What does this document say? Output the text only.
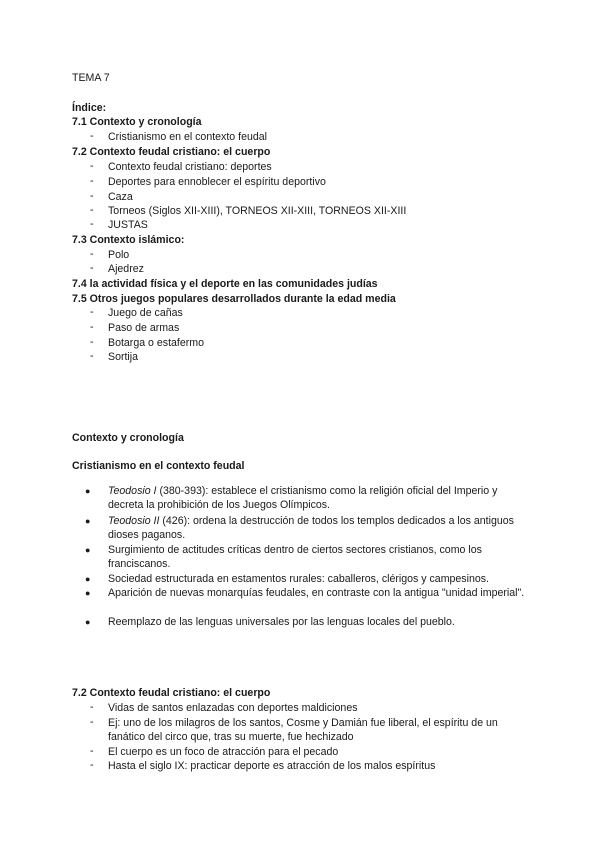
TEMA 7
Índice:
7.1 Contexto y cronología
-	Cristianismo en el contexto feudal
7.2 Contexto feudal cristiano: el cuerpo
-	Contexto feudal cristiano: deportes
-	Deportes para ennoblecer el espíritu deportivo
-	Caza
-	Torneos (Siglos XII-XIII), TORNEOS XII-XIII, TORNEOS XII-XIII
-	JUSTAS
7.3 Contexto islámico:
-	Polo
-	Ajedrez
7.4 la actividad física y el deporte en las comunidades judías
7.5 Otros juegos populares desarrollados durante la edad media
-	Juego de cañas
-	Paso de armas
-	Botarga o estafermo
-	Sortija
Contexto y cronología
Cristianismo en el contexto feudal
● Teodosio I (380-393): establece el cristianismo como la religión oficial del Imperio y decreta la prohibición de los Juegos Olímpicos.
● Teodosio II (426): ordena la destrucción de todos los templos dedicados a los antiguos dioses paganos.
● Surgimiento de actitudes críticas dentro de ciertos sectores cristianos, como los franciscanos.
● Sociedad estructurada en estamentos rurales: caballeros, clérigos y campesinos.
● Aparición de nuevas monarquías feudales, en contraste con la antigua "unidad imperial".
● Reemplazo de las lenguas universales por las lenguas locales del pueblo.
7.2 Contexto feudal cristiano: el cuerpo
-	Vidas de santos enlazadas con deportes maldiciones
-	Ej: uno de los milagros de los santos, Cosme y Damián fue liberal, el espíritu de un fanático del circo que, tras su muerte, fue hechizado
-	El cuerpo es un foco de atracción para el pecado
-	Hasta el siglo IX: practicar deporte es atracción de los malos espíritus
